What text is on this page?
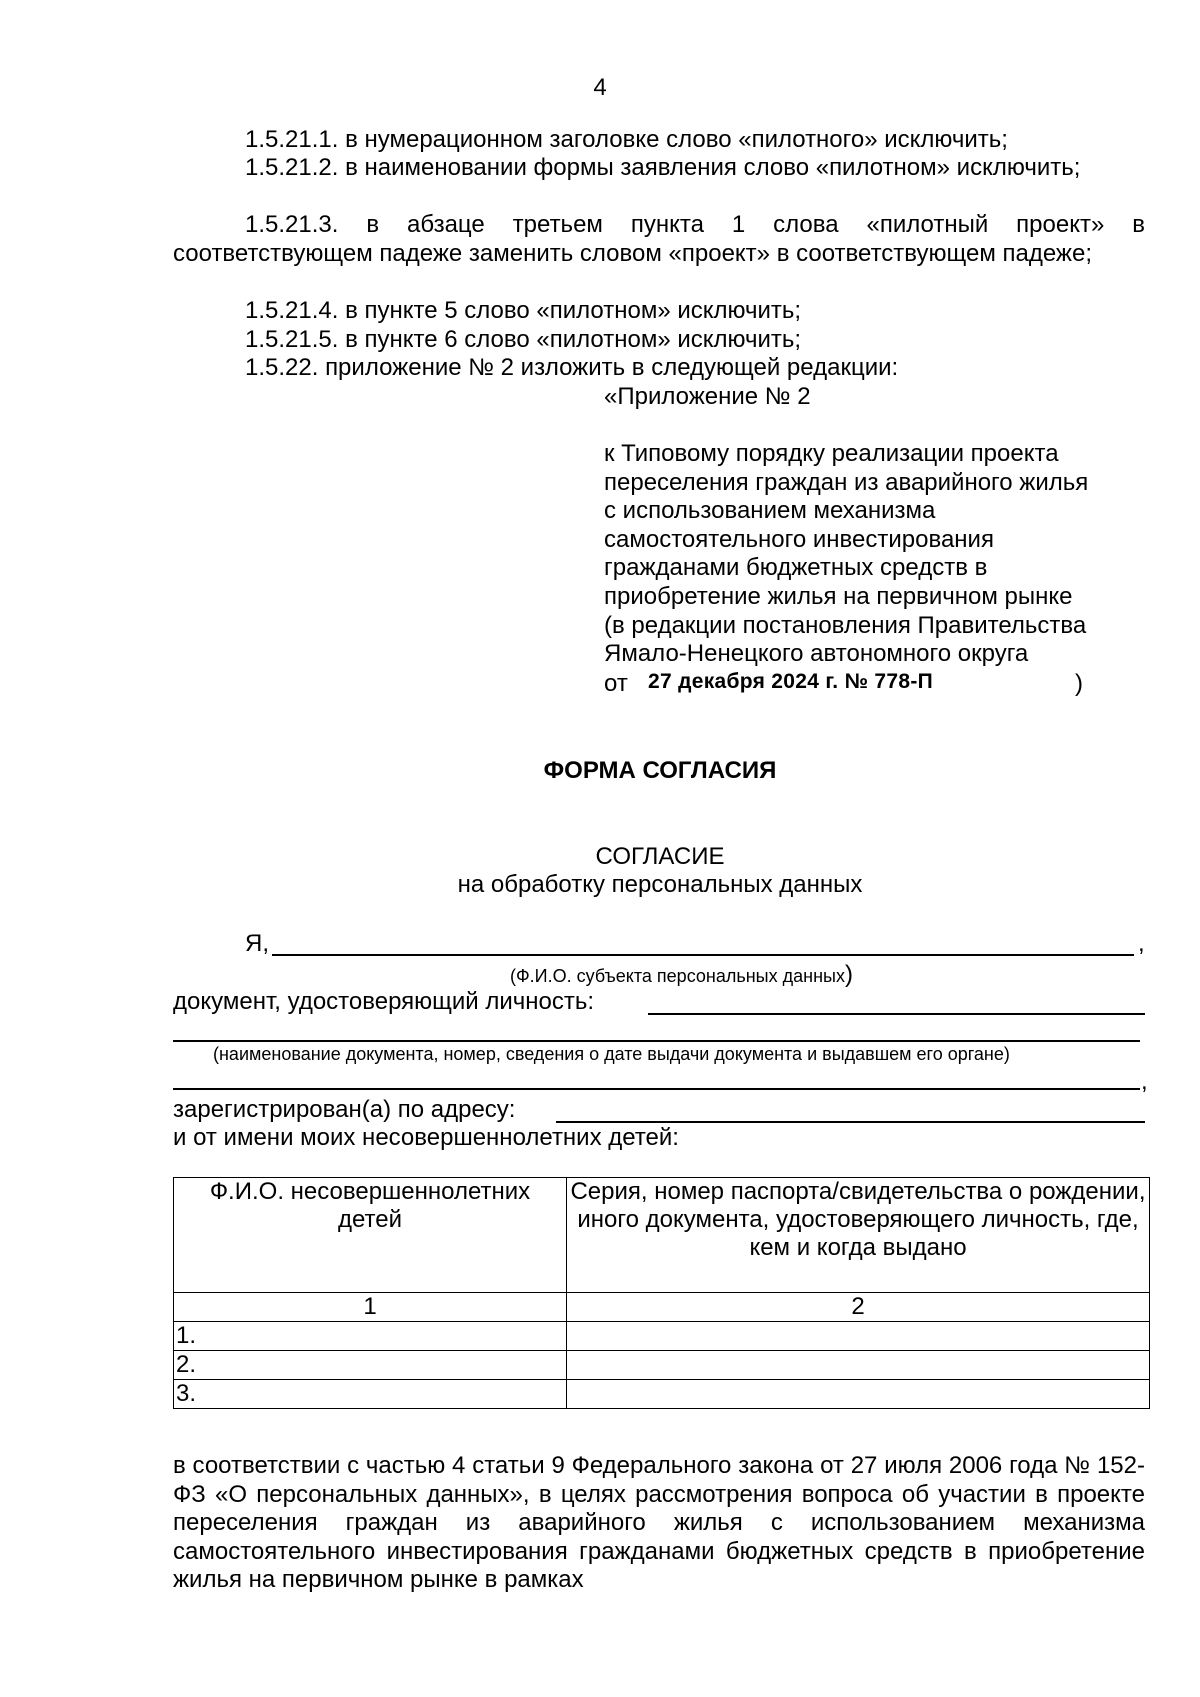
4
1.5.21.1. в нумерационном заголовке слово «пилотного» исключить;
1.5.21.2. в наименовании формы заявления слово «пилотном» исключить;
1.5.21.3. в абзаце третьем пункта 1 слова «пилотный проект» в соответствующем падеже заменить словом «проект» в соответствующем падеже;
1.5.21.4. в пункте 5 слово «пилотном» исключить;
1.5.21.5. в пункте 6 слово «пилотном» исключить;
1.5.22. приложение № 2 изложить в следующей редакции:
«Приложение № 2
к Типовому порядку реализации проекта
переселения граждан из аварийного жилья
с использованием механизма
самостоятельного инвестирования
гражданами бюджетных средств в
приобретение жилья на первичном рынке
(в редакции постановления Правительства
Ямало-Ненецкого автономного округа
от 27 декабря 2024 г. № 778-П	)
ФОРМА СОГЛАСИЯ
СОГЛАСИЕ
на обработку персональных данных
Я,	,
(Ф.И.О. субъекта персональных данных)
документ, удостоверяющий личность:
(наименование документа, номер, сведения о дате выдачи документа и выдавшем его органе)
,
зарегистрирован(а) по адресу:
и от имени моих несовершеннолетних детей:
Ф.И.О. несовершеннолетних детей	Серия, номер паспорта/свидетельства о рождении, иного документа, удостоверяющего личность, где, кем и когда выдано
1	2
1.	
2.	
3.	
в соответствии с частью 4 статьи 9 Федерального закона от 27 июля 2006 года № 152-ФЗ «О персональных данных», в целях рассмотрения вопроса об участии в проекте переселения граждан из аварийного жилья с использованием механизма самостоятельного инвестирования гражданами бюджетных средств в приобретение жилья на первичном рынке в рамках
